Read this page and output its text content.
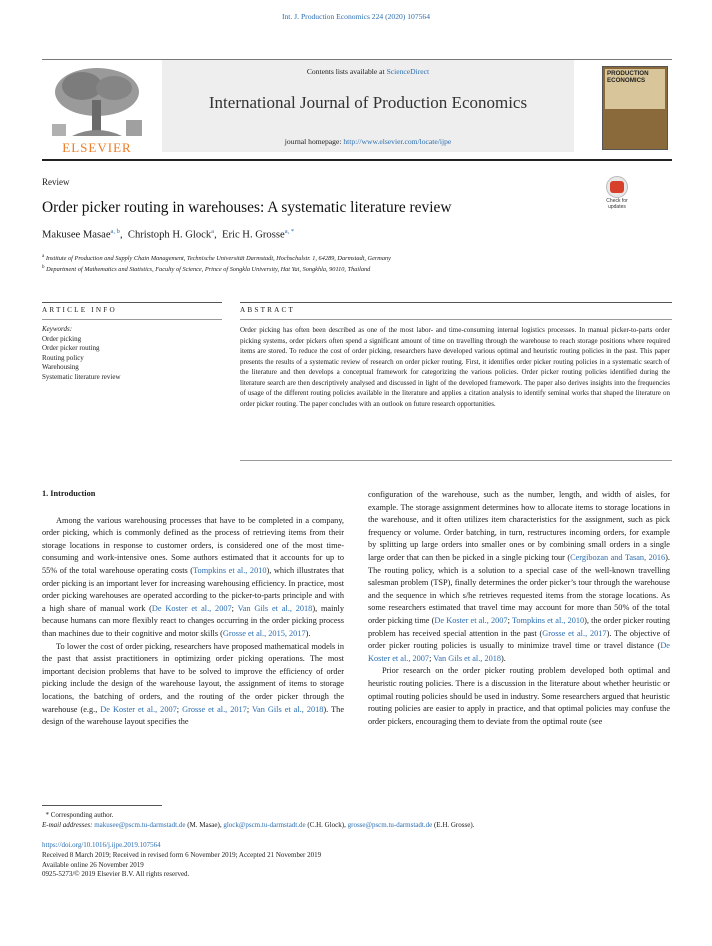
Int. J. Production Economics 224 (2020) 107564
ELSEVIER
Contents lists available at ScienceDirect
International Journal of Production Economics
journal homepage: http://www.elsevier.com/locate/ijpe
PRODUCTION ECONOMICS
Review
Check for updates
Order picker routing in warehouses: A systematic literature review
Makusee Masae$^{a, b}$,  Christoph H. Glock$^a$,  Eric H. Grosse$^{a, *}$
$^a$ Institute of Production and Supply Chain Management, Technische Universität Darmstadt, Hochschulstr. 1, 64289, Darmstadt, Germany
$^b$ Department of Mathematics and Statistics, Faculty of Science, Prince of Songkla University, Hat Yai, Songkhla, 90110, Thailand
ARTICLE INFO	ABSTRACT
Keywords:
Order picking
Order picker routing
Routing policy
Warehousing
Systematic literature review
Order picking has often been described as one of the most labor- and time-consuming internal logistics processes. In manual picker-to-parts order picking systems, order pickers often spend a significant amount of time on travelling through the warehouse to reach storage positions where required items are stored. To reduce the cost of order picking, researchers have developed various optimal and heuristic routing policies in the past. This paper presents the results of a systematic review of research on order picker routing. First, it identifies order picker routing policies in a systematic search of the literature and then develops a conceptual framework for categorizing the various policies. Order picker routing policies identified during the literature search are then descriptively analysed and discussed in light of the developed framework. The paper also derives insights into the frequencies of usage of the different routing policies available in the literature and applies a citation analysis to identify seminal works that shaped the literature on order picker routing. The paper concludes with an outlook on future research opportunities.
1. Introduction

Among the various warehousing processes that have to be completed in a company, order picking, which is commonly defined as the process of retrieving items from their storage locations in response to customer orders, is considered one of the most time-consuming and work-intensive ones. Some authors estimated that it accounts for up to 55% of the total warehouse operating costs (Tompkins et al., 2010), which illustrates that order picking is an important lever for increasing warehousing efficiency. In practice, most order picking warehouses are operated according to the picker-to-parts principle and with a high share of manual work (De Koster et al., 2007; Van Gils et al., 2018), mainly because humans can more flexibly react to changes occurring in the order picking process than machines due to their cognitive and motor skills (Grosse et al., 2015, 2017).

To lower the cost of order picking, researchers have proposed mathematical models in the past that assist practitioners in optimizing order picking operations. The most important decision problems that have to be solved to improve the efficiency of order picking include the design of the warehouse layout, the assignment of items to storage locations, the batching of orders, and the routing of the order picker through the warehouse (e.g., De Koster et al., 2007; Grosse et al., 2017; Van Gils et al., 2018). The design of the warehouse layout specifies the

configuration of the warehouse, such as the number, length, and width of aisles, for example. The storage assignment determines how to allocate items to storage locations in the warehouse, and it often utilizes item characteristics for the assignment, such as pick frequency or volume. Order batching, in turn, restructures incoming orders, for example by splitting up large orders into smaller ones or by combining small orders in a single large order that can then be picked in a single picking tour (Cergibozan and Tasan, 2016). The routing policy, which is a solution to a special case of the well-known travelling salesman problem (TSP), finally determines the order picker’s tour through the warehouse and the sequence in which s/he retrieves requested items from the storage locations. As some researchers estimated that travel time may account for more than 50% of the total order picking time (De Koster et al., 2007; Tompkins et al., 2010), the order picker routing problem has received special attention in the past (Grosse et al., 2017). The objective of order picker routing policies is usually to minimize travel time or travel distance (De Koster et al., 2007; Van Gils et al., 2018).

Prior research on the order picker routing problem developed both optimal and heuristic routing policies. There is a discussion in the literature about whether heuristic or optimal routing policies should be used in industry. Some researchers argued that heuristic routing policies are easier to apply in practice, and that optimal policies may confuse the order pickers, encouraging them to deviate from the optimal route (see

* Corresponding author.
E-mail addresses: makusee@pscm.tu-darmstadt.de (M. Masae), glock@pscm.tu-darmstadt.de (C.H. Glock), grosse@pscm.tu-darmstadt.de (E.H. Grosse).
https://doi.org/10.1016/j.ijpe.2019.107564
Received 8 March 2019; Received in revised form 6 November 2019; Accepted 21 November 2019
Available online 26 November 2019
0925-5273/© 2019 Elsevier B.V. All rights reserved.
